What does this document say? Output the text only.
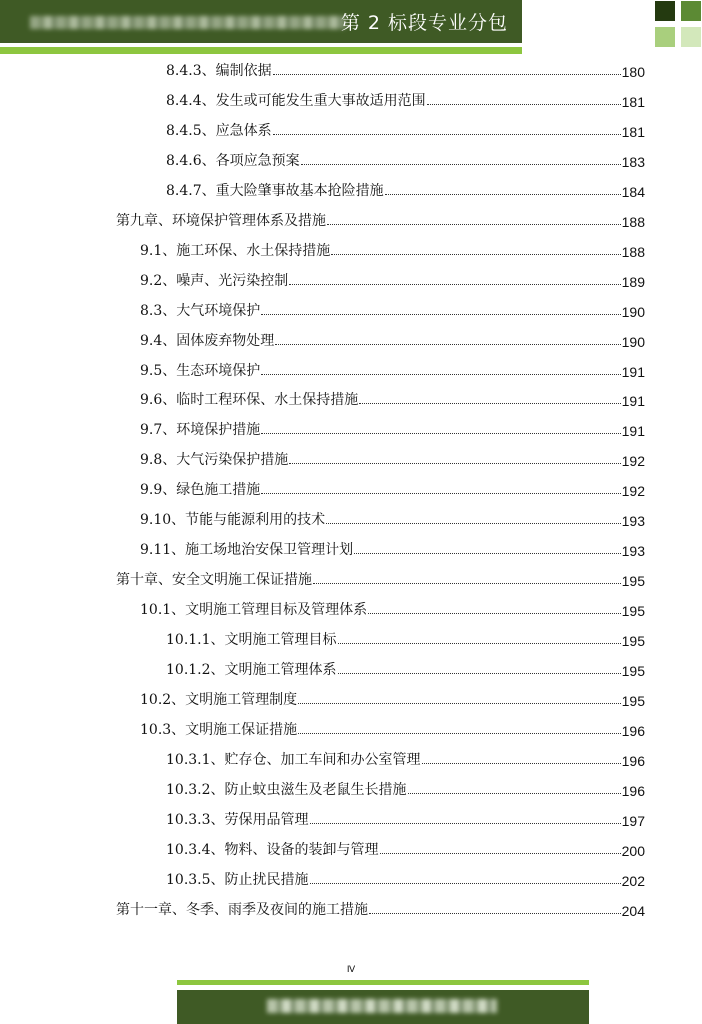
第 2 标段专业分包
8.4.3、编制依据	180
8.4.4、发生或可能发生重大事故适用范围	181
8.4.5、应急体系	181
8.4.6、各项应急预案	183
8.4.7、重大险肇事故基本抢险措施	184
第九章、环境保护管理体系及措施	188
9.1、施工环保、水土保持措施	188
9.2、噪声、光污染控制	189
8.3、大气环境保护	190
9.4、固体废弃物处理	190
9.5、生态环境保护	191
9.6、临时工程环保、水土保持措施	191
9.7、环境保护措施	191
9.8、大气污染保护措施	192
9.9、绿色施工措施	192
9.10、节能与能源利用的技术	193
9.11、施工场地治安保卫管理计划	193
第十章、安全文明施工保证措施	195
10.1、文明施工管理目标及管理体系	195
10.1.1、文明施工管理目标	195
10.1.2、文明施工管理体系	195
10.2、文明施工管理制度	195
10.3、文明施工保证措施	196
10.3.1、贮存仓、加工车间和办公室管理	196
10.3.2、防止蚊虫滋生及老鼠生长措施	196
10.3.3、劳保用品管理	197
10.3.4、物料、设备的装卸与管理	200
10.3.5、防止扰民措施	202
第十一章、冬季、雨季及夜间的施工措施	204
Ⅳ
